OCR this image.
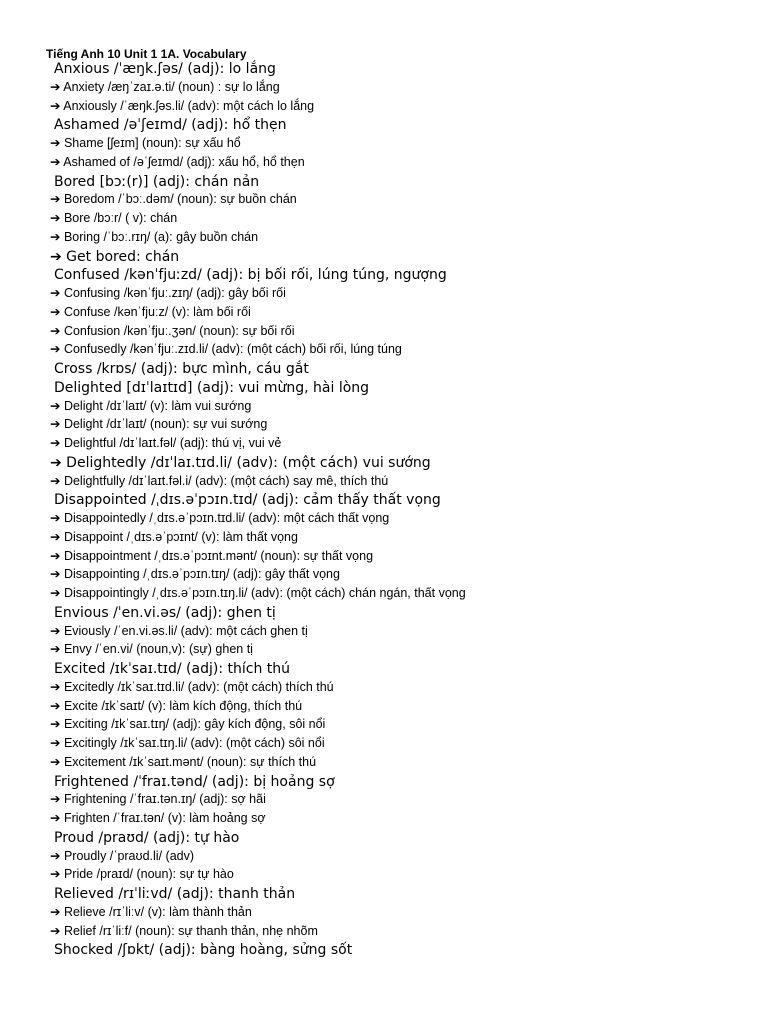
Tiếng Anh 10 Unit 1 1A. Vocabulary
Anxious /ˈæŋk.ʃəs/ (adj): lo lắng
➔ Anxiety /æŋˈzaɪ.ə.ti/ (noun) : sự lo lắng
➔ Anxiously /ˈæŋk.ʃəs.li/ (adv): một cách lo lắng
Ashamed /əˈʃeɪmd/ (adj): hổ thẹn
➔ Shame [ʃeɪm] (noun): sự xấu hổ
➔ Ashamed of /əˈʃeɪmd/ (adj): xấu hổ, hổ thẹn
Bored [bɔː(r)] (adj): chán nản
➔ Boredom /ˈbɔː.dəm/ (noun): sự buồn chán
➔ Bore /bɔːr/ ( v): chán
➔ Boring /ˈbɔː.rɪŋ/ (a): gây buồn chán
➔ Get bored: chán
Confused /kənˈfjuːzd/ (adj): bị bối rối, lúng túng, ngượng
➔ Confusing /kənˈfjuː.zɪŋ/ (adj): gây bối rối
➔ Confuse /kənˈfjuːz/ (v): làm bối rối
➔ Confusion /kənˈfjuː.ʒən/ (noun): sự bối rối
➔ Confusedly /kənˈfjuː.zɪd.li/ (adv): (một cách) bối rối, lúng túng
Cross /krɒs/ (adj): bực mình, cáu gắt
Delighted [dɪˈlaɪtɪd] (adj): vui mừng, hài lòng
➔ Delight /dɪˈlaɪt/ (v): làm vui sướng
➔ Delight /dɪˈlaɪt/ (noun): sự vui sướng
➔ Delightful /dɪˈlaɪt.fəl/ (adj): thú vị, vui vẻ
➔ Delightedly /dɪˈlaɪ.tɪd.li/ (adv): (một cách) vui sướng
➔ Delightfully /dɪˈlaɪt.fəl.i/ (adv): (một cách) say mê, thích thú
Disappointed /ˌdɪs.əˈpɔɪn.tɪd/ (adj): cảm thấy thất vọng
➔ Disappointedly /ˌdɪs.əˈpɔɪn.tɪd.li/ (adv): một cách thất vọng
➔ Disappoint /ˌdɪs.əˈpɔɪnt/ (v): làm thất vọng
➔ Disappointment /ˌdɪs.əˈpɔɪnt.mənt/ (noun): sự thất vọng
➔ Disappointing /ˌdɪs.əˈpɔɪn.tɪŋ/ (adj): gây thất vọng
➔ Disappointingly /ˌdɪs.əˈpɔɪn.tɪŋ.li/ (adv): (một cách) chán ngán, thất vọng
Envious /ˈen.vi.əs/ (adj): ghen tị
➔ Eviously /ˈen.vi.əs.li/ (adv): một cách ghen tị
➔ Envy /ˈen.vi/ (noun,v): (sự) ghen tị
Excited /ɪkˈsaɪ.tɪd/ (adj): thích thú
➔ Excitedly /ɪkˈsaɪ.tɪd.li/ (adv): (một cách) thích thú
➔ Excite /ɪkˈsaɪt/ (v): làm kích động, thích thú
➔ Exciting /ɪkˈsaɪ.tɪŋ/ (adj): gây kích động, sôi nổi
➔ Excitingly /ɪkˈsaɪ.tɪŋ.li/ (adv): (một cách) sôi nổi
➔ Excitement /ɪkˈsaɪt.mənt/ (noun): sự thích thú
Frightened /ˈfraɪ.tənd/ (adj): bị hoảng sợ
➔ Frightening /ˈfraɪ.tən.ɪŋ/ (adj): sợ hãi
➔ Frighten /ˈfraɪ.tən/ (v): làm hoảng sợ
Proud /praʊd/ (adj): tự hào
➔ Proudly /ˈpraʊd.li/ (adv)
➔ Pride /praɪd/ (noun): sự tự hào
Relieved /rɪˈliːvd/ (adj): thanh thản
➔ Relieve /rɪˈliːv/ (v): làm thành thản
➔ Relief /rɪˈliːf/ (noun): sự thanh thản, nhẹ nhõm
Shocked /ʃɒkt/ (adj): bàng hoàng, sửng sốt
